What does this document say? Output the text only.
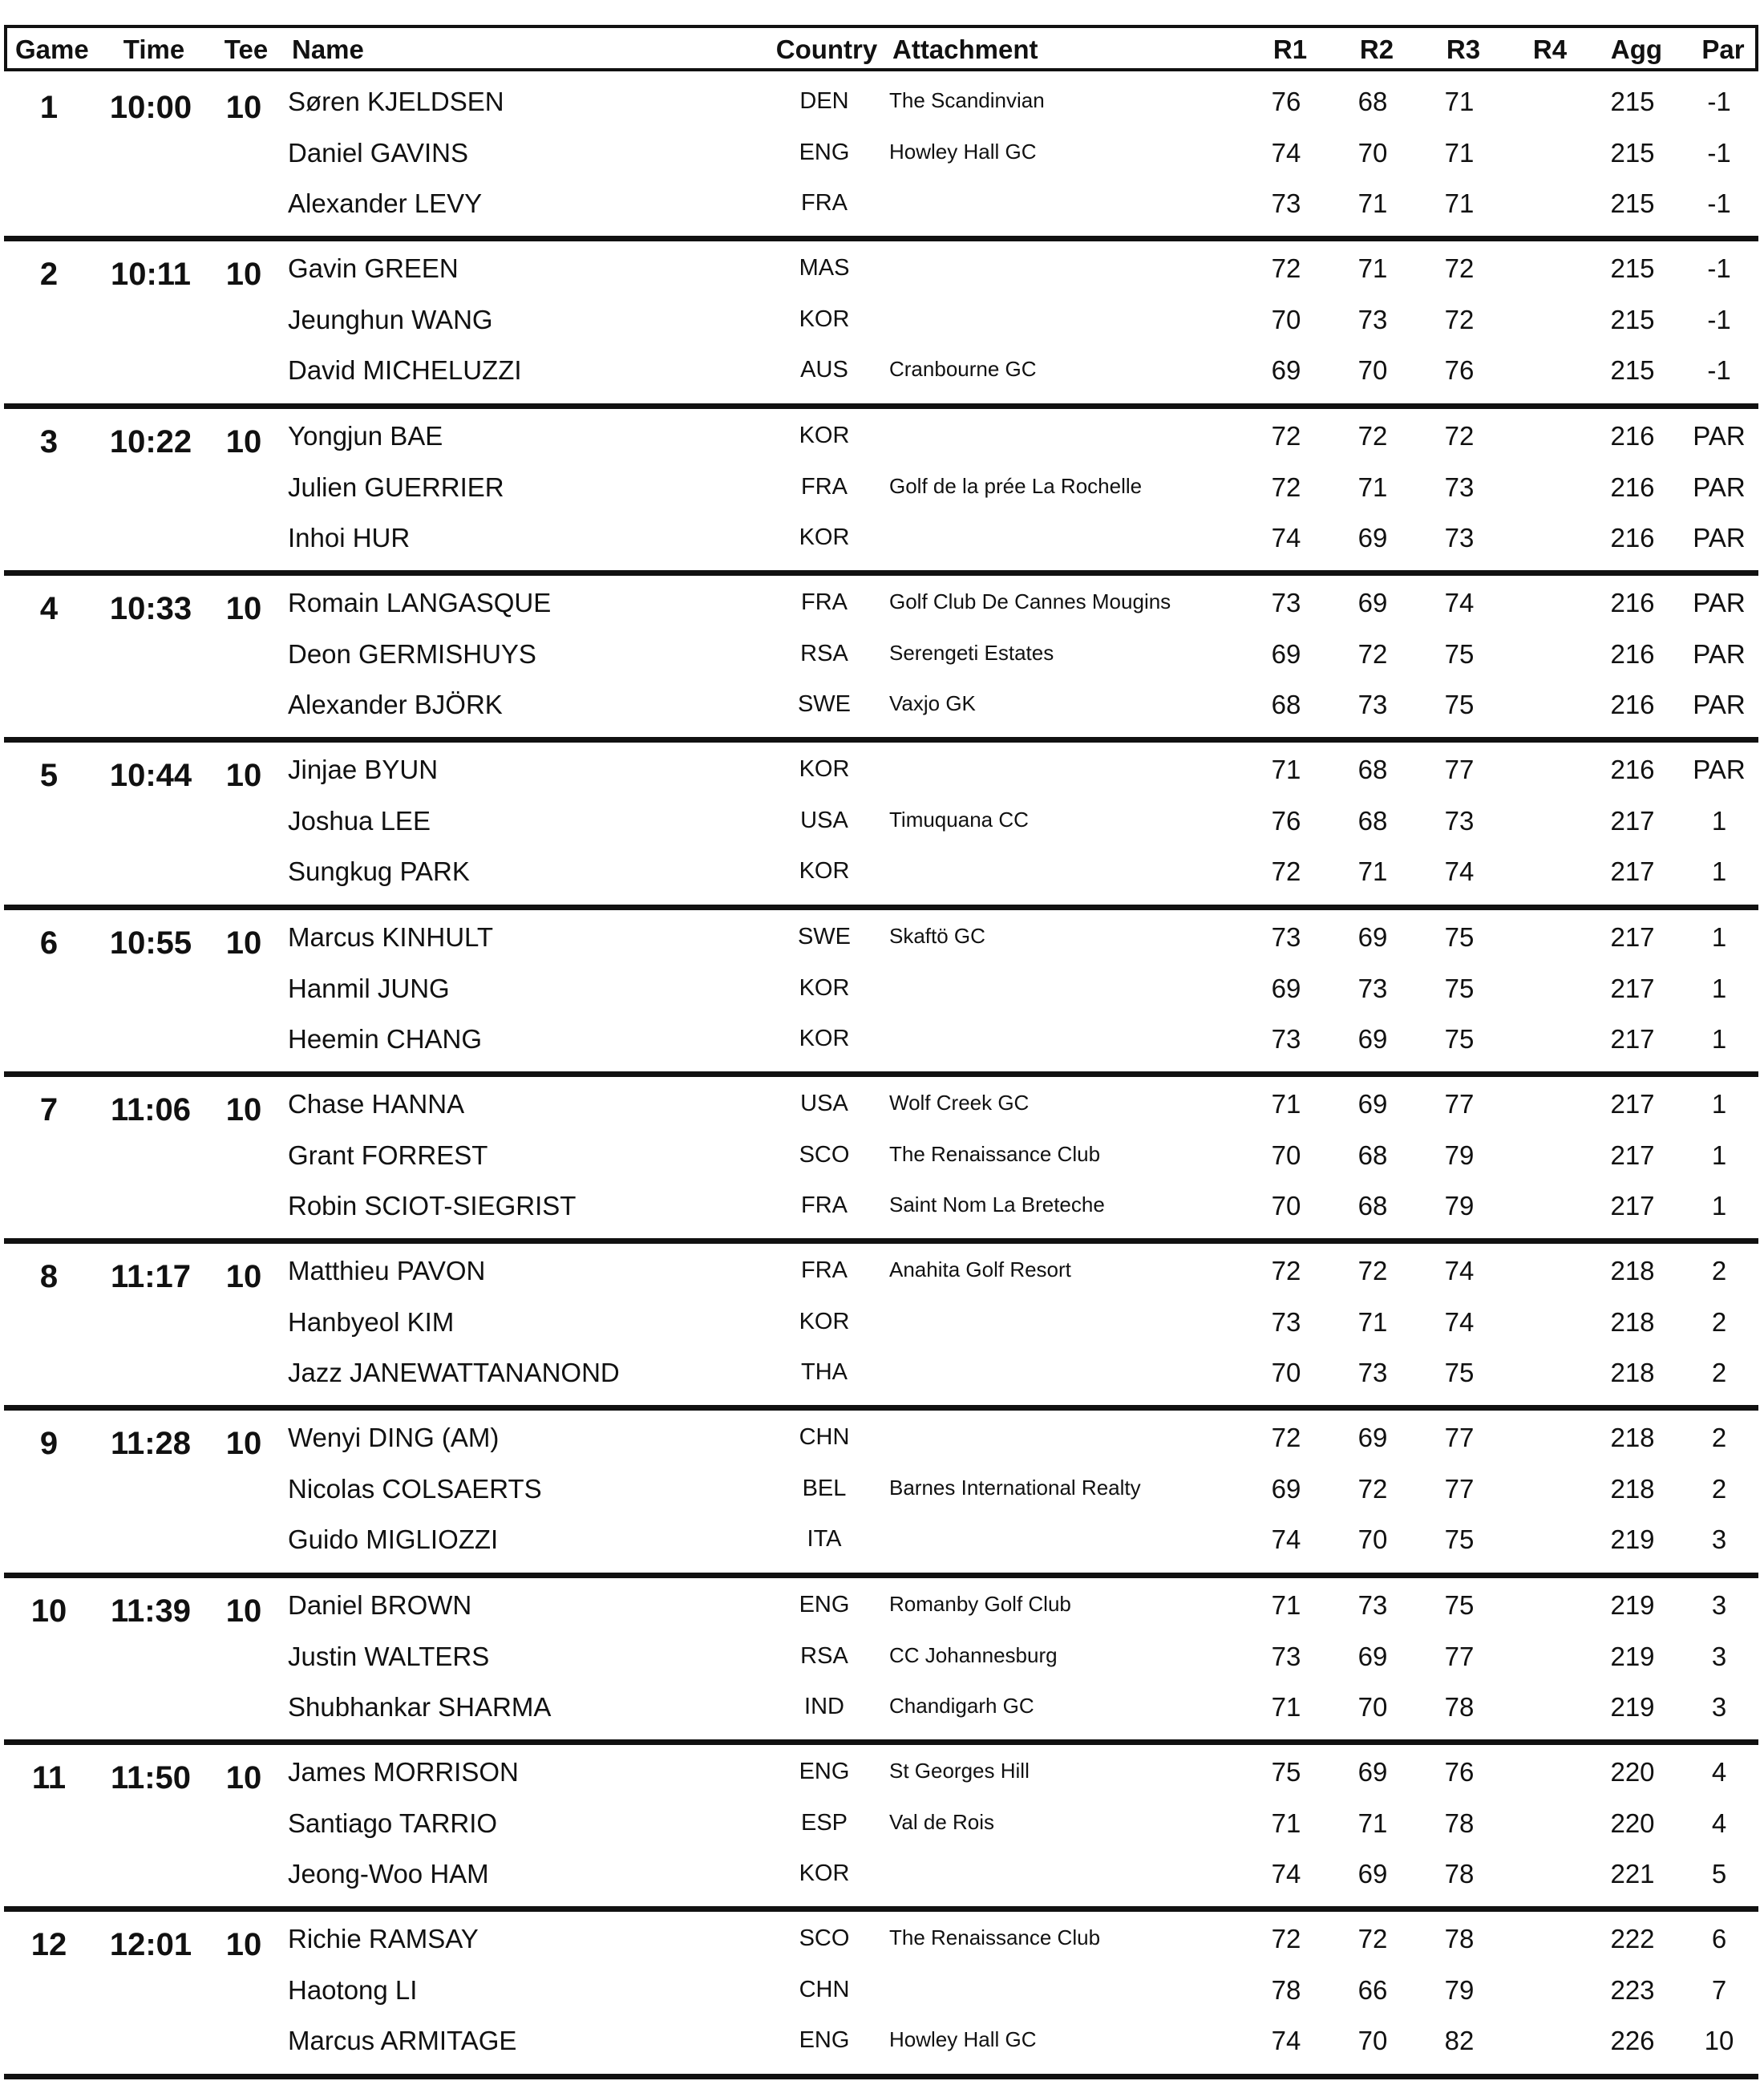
Game Time Tee Name	Country Attachment	R1 R2 R3 R4 Agg Par
1 10:00 10 Søren KJELDSEN	DEN The Scandinvian	76 68 71	215 -1
Daniel GAVINS	ENG Howley Hall GC	74 70 71	215 -1
Alexander LEVY	FRA	73 71 71	215 -1
2 10:11 10 Gavin GREEN	MAS	72 71 72	215 -1
Jeunghun WANG	KOR	70 73 72	215 -1
David MICHELUZZI	AUS Cranbourne GC	69 70 76	215 -1
3 10:22 10 Yongjun BAE	KOR	72 72 72	216 PAR
Julien GUERRIER	FRA Golf de la prée La Rochelle	72 71 73	216 PAR
Inhoi HUR	KOR	74 69 73	216 PAR
4 10:33 10 Romain LANGASQUE	FRA Golf Club De Cannes Mougins	73 69 74	216 PAR
Deon GERMISHUYS	RSA Serengeti Estates	69 72 75	216 PAR
Alexander BJÖRK	SWE Vaxjo GK	68 73 75	216 PAR
5 10:44 10 Jinjae BYUN	KOR	71 68 77	216 PAR
Joshua LEE	USA Timuquana CC	76 68 73	217 1
Sungkug PARK	KOR	72 71 74	217 1
6 10:55 10 Marcus KINHULT	SWE Skaftö GC	73 69 75	217 1
Hanmil JUNG	KOR	69 73 75	217 1
Heemin CHANG	KOR	73 69 75	217 1
7 11:06 10 Chase HANNA	USA Wolf Creek GC	71 69 77	217 1
Grant FORREST	SCO The Renaissance Club	70 68 79	217 1
Robin SCIOT-SIEGRIST	FRA Saint Nom La Breteche	70 68 79	217 1
8 11:17 10 Matthieu PAVON	FRA Anahita Golf Resort	72 72 74	218 2
Hanbyeol KIM	KOR	73 71 74	218 2
Jazz JANEWATTANANOND	THA	70 73 75	218 2
9 11:28 10 Wenyi DING (AM)	CHN	72 69 77	218 2
Nicolas COLSAERTS	BEL Barnes International Realty	69 72 77	218 2
Guido MIGLIOZZI	ITA	74 70 75	219 3
10 11:39 10 Daniel BROWN	ENG Romanby Golf Club	71 73 75	219 3
Justin WALTERS	RSA CC Johannesburg	73 69 77	219 3
Shubhankar SHARMA	IND Chandigarh GC	71 70 78	219 3
11 11:50 10 James MORRISON	ENG St Georges Hill	75 69 76	220 4
Santiago TARRIO	ESP Val de Rois	71 71 78	220 4
Jeong-Woo HAM	KOR	74 69 78	221 5
12 12:01 10 Richie RAMSAY	SCO The Renaissance Club	72 72 78	222 6
Haotong LI	CHN	78 66 79	223 7
Marcus ARMITAGE	ENG Howley Hall GC	74 70 82	226 10
